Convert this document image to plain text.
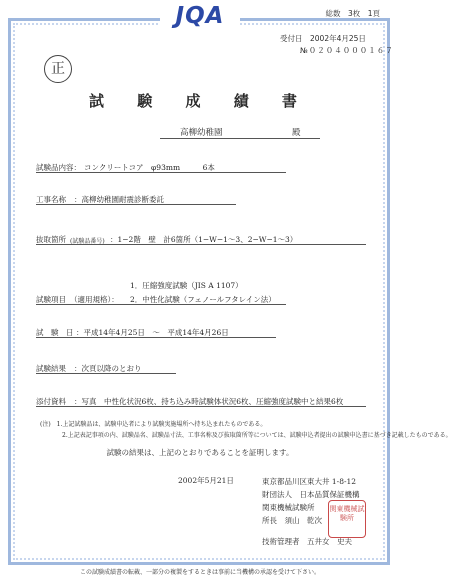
JQA	総数　3枚　1頁
受付日　2002年4月25日
№０２０４０００１６７
正
試 験 成 績 書
高柳幼稚園	殿
試験品内容： コンクリートコア　φ93mm　　　6本
工事名称 ：高柳幼稚園耐震診断委託
抜取箇所 (試験品番号) ：1−2階　壁　計6箇所（1−W−1〜3、2−W−1〜3）
1．圧縮強度試験（JIS A 1107）
試験項目 （適用規格）： 2．中性化試験（フェノールフタレイン法）
試　験　日 ：平成14年4月25日　〜　平成14年4月26日
試験結果 ：次頁以降のとおり
添付資料 ：写真　中性化状況6枚、持ち込み時試験体状況6枚、圧縮強度試験中と結果6枚
(注)　1.上記試験品は、試験申込者により試験実施場所へ持ち込まれたものである。
2.上記表記事項の内、試験品名、試験品寸法、工事名称及び抜取箇所等については、試験申込者提出の試験申込書に基づき記載したものである。
試験の結果は、上記のとおりであることを証明します。
2002年5月21日	東京都品川区東大井 1-8-12
財団法人　日本品質保証機構
関東機械試験所
所長　須山　乾次
技術管理者　五井女　史夫
関東機械試験所
この試験成績書の転載、一部分の複製をするときは事前に当機構の承認を受けて下さい。
